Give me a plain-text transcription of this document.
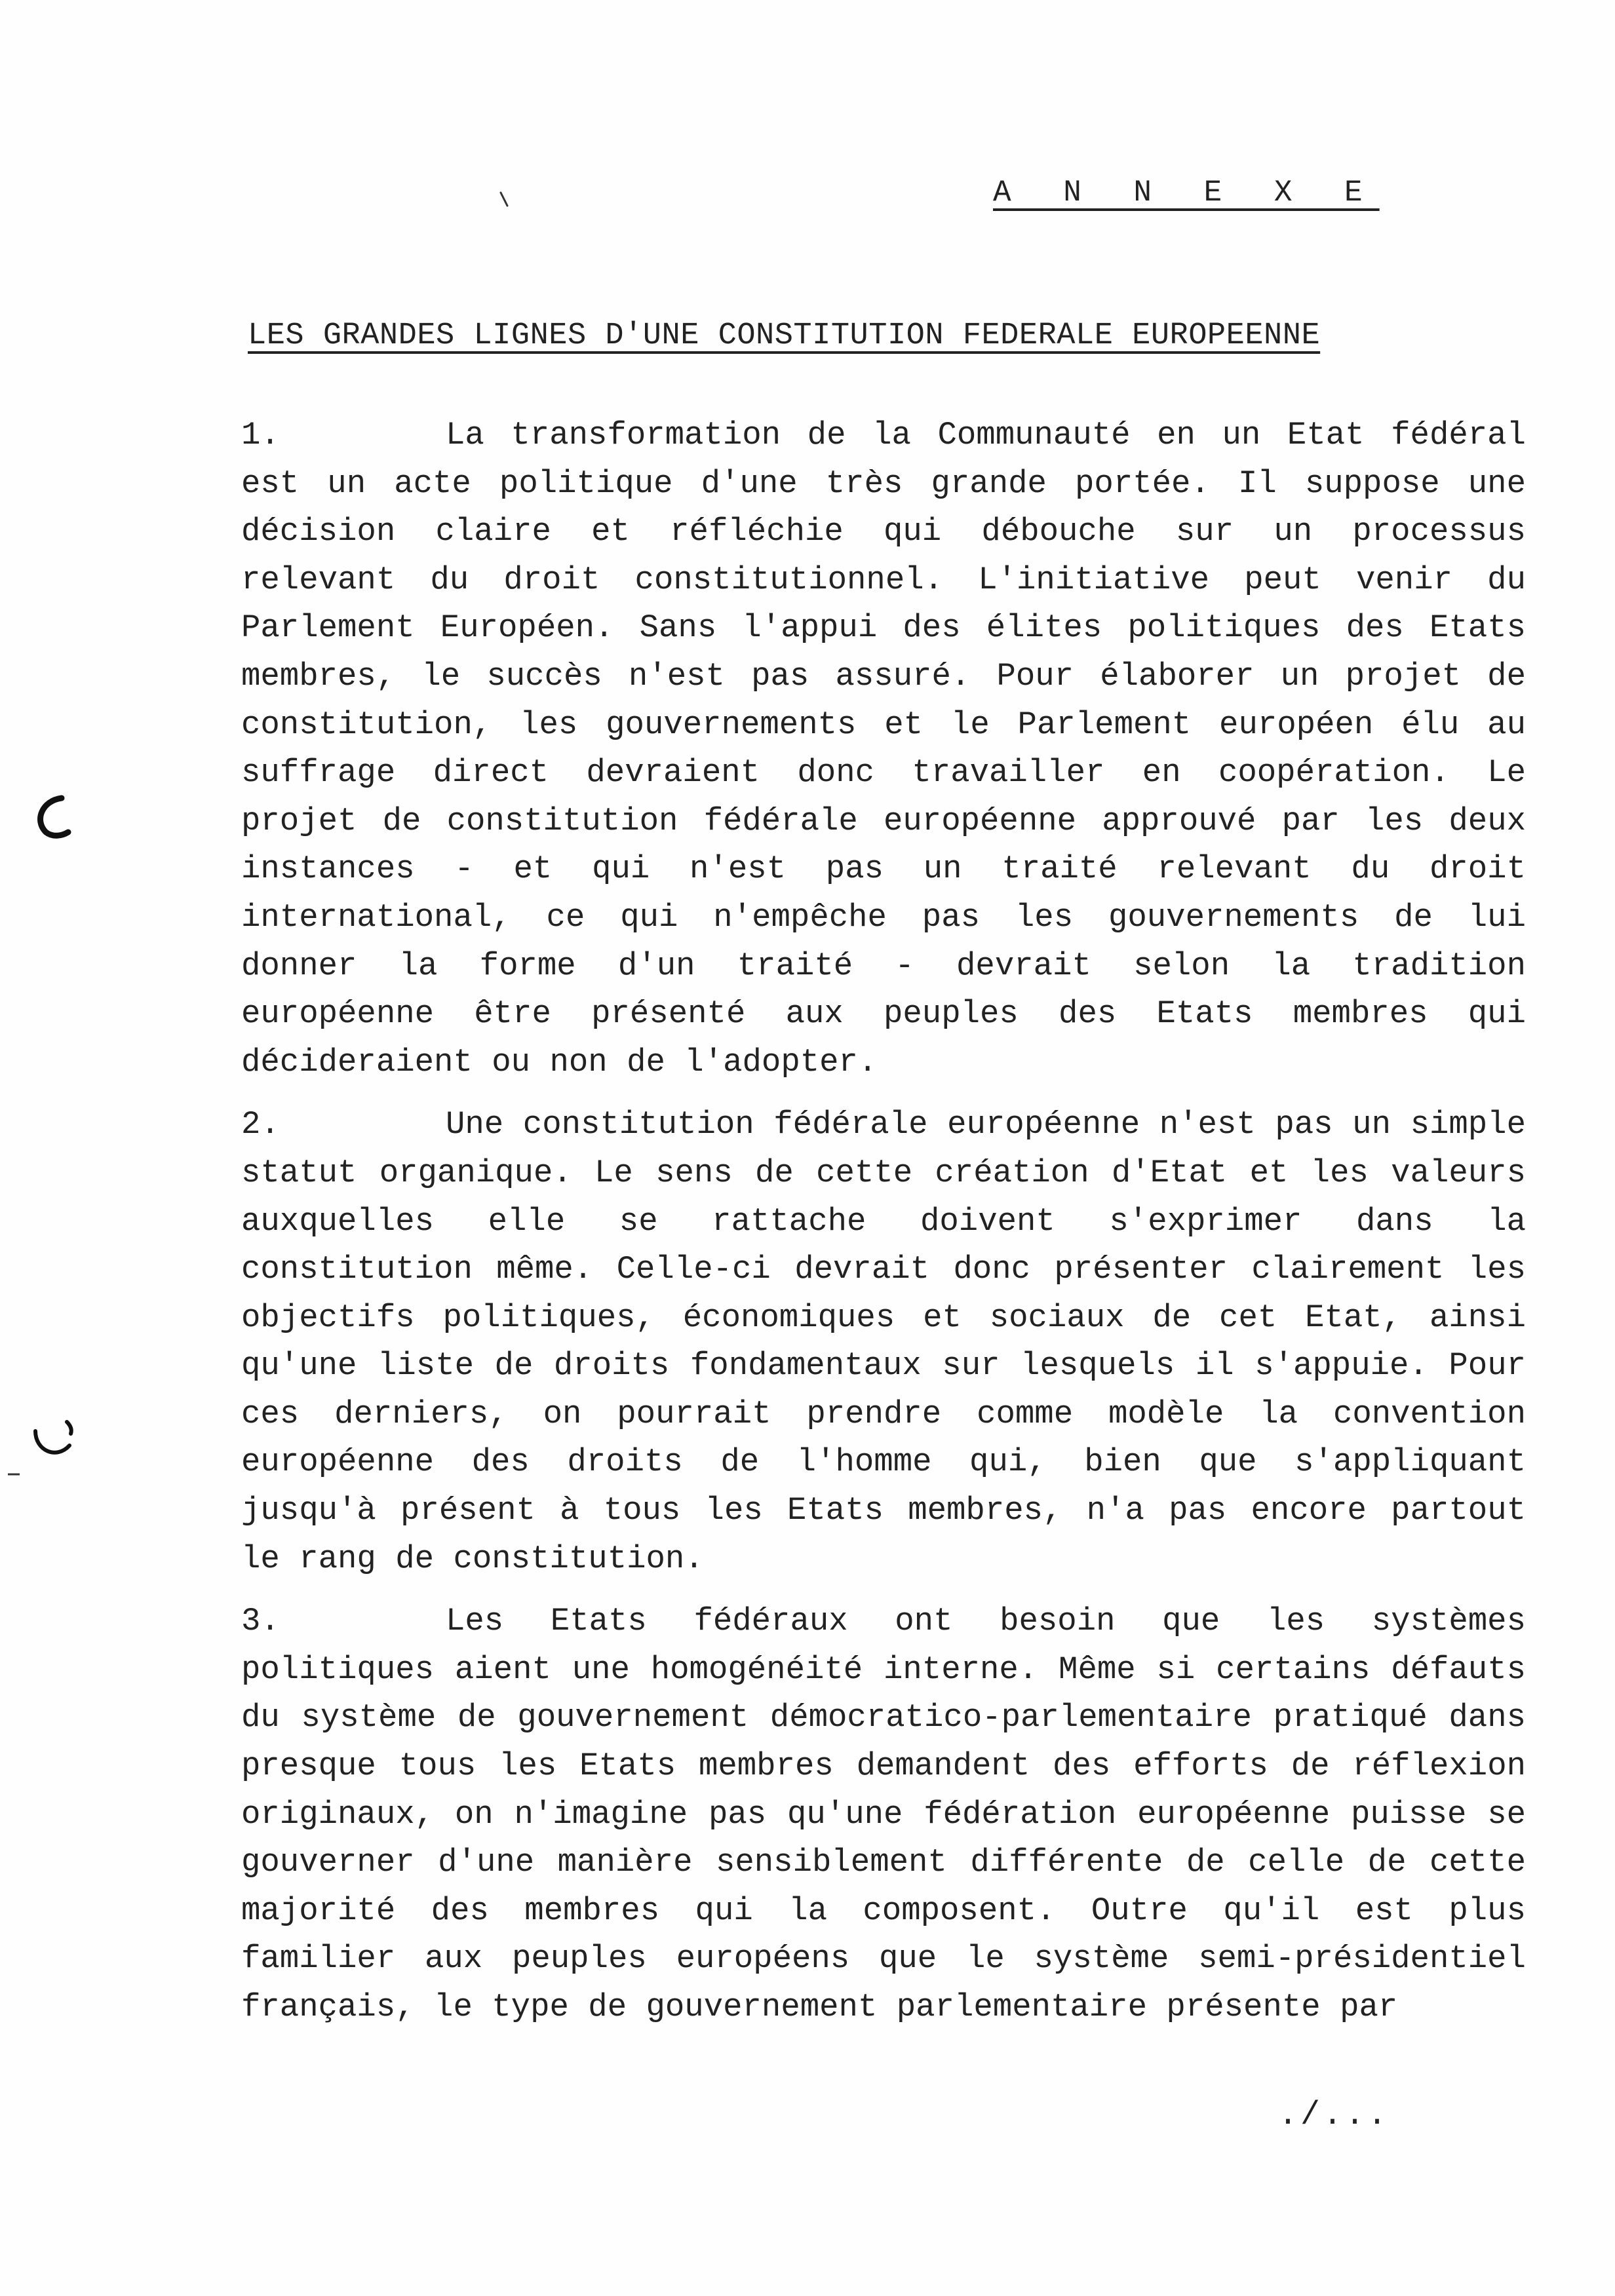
A N N E X E
LES GRANDES LIGNES D'UNE CONSTITUTION FEDERALE EUROPEENNE

1.	La transformation de la Communauté en un Etat fédéral est un acte politique d'une très grande portée. Il suppose une décision claire et réfléchie qui débouche sur un processus relevant du droit constitutionnel. L'initiative peut venir du Parlement Européen. Sans l'appui des élites politiques des Etats membres, le succès n'est pas assuré. Pour élaborer un projet de constitution, les gouvernements et le Parlement européen élu au suffrage direct devraient donc travailler en coopération. Le projet de constitution fédérale européenne approuvé par les deux instances - et qui n'est pas un traité relevant du droit international, ce qui n'empêche pas les gouvernements de lui donner la forme d'un traité - devrait selon la tradition européenne être présenté aux peuples des Etats membres qui décideraient ou non de l'adopter.

2.	Une constitution fédérale européenne n'est pas un simple statut organique. Le sens de cette création d'Etat et les valeurs auxquelles elle se rattache doivent s'exprimer dans la constitution même. Celle-ci devrait donc présenter clairement les objectifs politiques, économiques et sociaux de cet Etat, ainsi qu'une liste de droits fondamentaux sur lesquels il s'appuie. Pour ces derniers, on pourrait prendre comme modèle la convention européenne des droits de l'homme qui, bien que s'appliquant jusqu'à présent à tous les Etats membres, n'a pas encore partout le rang de constitution.

3.	Les Etats fédéraux ont besoin que les systèmes politiques aient une homogénéité interne. Même si certains défauts du système de gouvernement démocratico-parlementaire pratiqué dans presque tous les Etats membres demandent des efforts de réflexion originaux, on n'imagine pas qu'une fédération européenne puisse se gouverner d'une manière sensiblement différente de celle de cette majorité des membres qui la composent. Outre qu'il est plus familier aux peuples européens que le système semi-présidentiel français, le type de gouvernement parlementaire présente par

./...
